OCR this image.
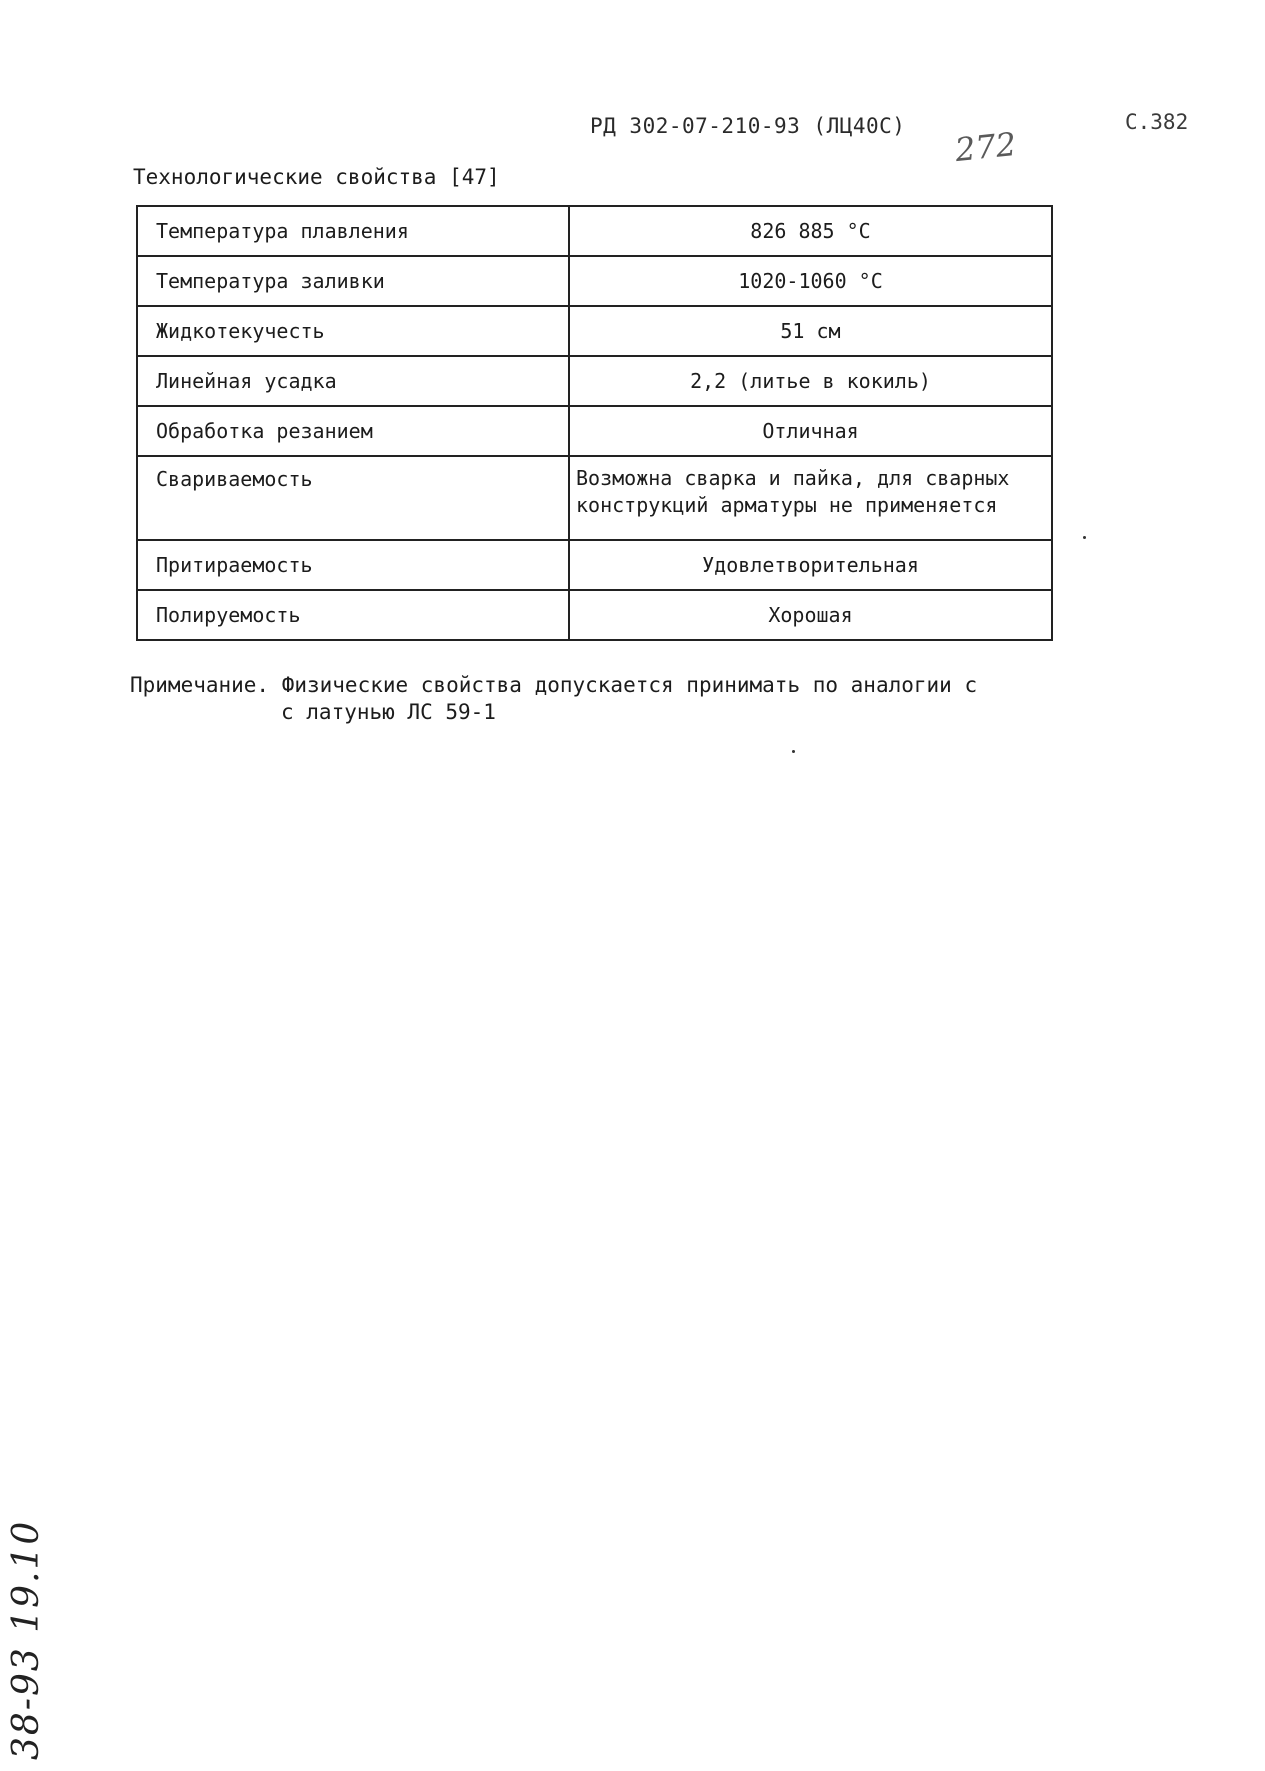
РД 302-07-210-93 (ЛЦ40С)	С.382
272
Технологические свойства [47]
Температура плавления	826 885 °С
Температура заливки	1020-1060 °С
Жидкотекучесть	51 см
Линейная усадка	2,2 (литье в кокиль)
Обработка резанием	Отличная
Свариваемость	Возможна сварка и пайка, для сварных
конструкций арматуры не применяется

Притираемость	Удовлетворительная
Полируемость	Хорошая
Примечание. Физические свойства допускается принимать по аналогии с
с латунью ЛС 59-1
38-93 19.10
